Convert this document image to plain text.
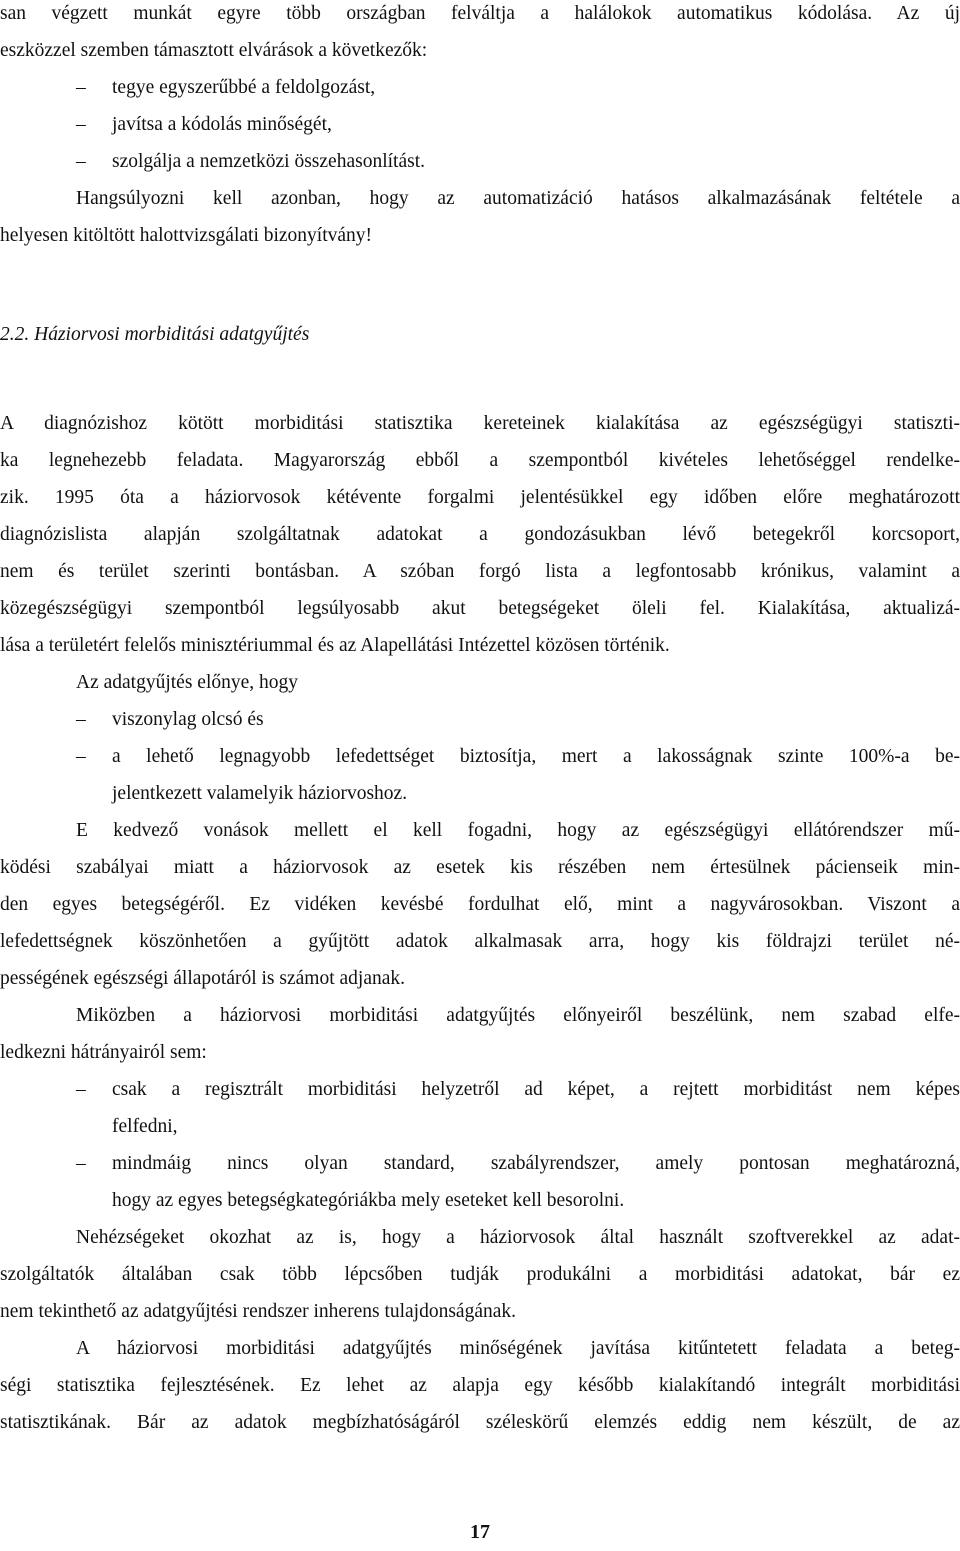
san végzett munkát egyre több országban felváltja a halálokok automatikus kódolása. Az új
eszközzel szemben támasztott elvárások a következők:
–	tegye egyszerűbbé a feldolgozást,
–	javítsa a kódolás minőségét,
–	szolgálja a nemzetközi összehasonlítást.
Hangsúlyozni kell azonban, hogy az automatizáció hatásos alkalmazásának feltétele a
helyesen kitöltött halottvizsgálati bizonyítvány!
2.2. Háziorvosi morbiditási adatgyűjtés
A diagnózishoz kötött morbiditási statisztika kereteinek kialakítása az egészségügyi statiszti-
ka legnehezebb feladata. Magyarország ebből a szempontból kivételes lehetőséggel rendelke-
zik. 1995 óta a háziorvosok kétévente forgalmi jelentésükkel egy időben előre meghatározott
diagnózislista alapján szolgáltatnak adatokat a gondozásukban lévő betegekről korcsoport,
nem és terület szerinti bontásban. A szóban forgó lista a legfontosabb krónikus, valamint a
közegészségügyi szempontból legsúlyosabb akut betegségeket öleli fel. Kialakítása, aktualizá-
lása a területért felelős minisztériummal és az Alapellátási Intézettel közösen történik.
Az adatgyűjtés előnye, hogy
–	viszonylag olcsó és
–	a lehető legnagyobb lefedettséget biztosítja, mert a lakosságnak szinte 100%-a be-
jelentkezett valamelyik háziorvoshoz.
E kedvező vonások mellett el kell fogadni, hogy az egészségügyi ellátórendszer mű-
ködési szabályai miatt a háziorvosok az esetek kis részében nem értesülnek pácienseik min-
den egyes betegségéről. Ez vidéken kevésbé fordulhat elő, mint a nagyvárosokban. Viszont a
lefedettségnek köszönhetően a gyűjtött adatok alkalmasak arra, hogy kis földrajzi terület né-
pességének egészségi állapotáról is számot adjanak.
Miközben a háziorvosi morbiditási adatgyűjtés előnyeiről beszélünk, nem szabad elfe-
ledkezni hátrányairól sem:
–	csak a regisztrált morbiditási helyzetről ad képet, a rejtett morbiditást nem képes
felfedni,
–	mindmáig nincs olyan standard, szabályrendszer, amely pontosan meghatározná,
hogy az egyes betegségkategóriákba mely eseteket kell besorolni.
Nehézségeket okozhat az is, hogy a háziorvosok által használt szoftverekkel az adat-
szolgáltatók általában csak több lépcsőben tudják produkálni a morbiditási adatokat, bár ez
nem tekinthető az adatgyűjtési rendszer inherens tulajdonságának.
A háziorvosi morbiditási adatgyűjtés minőségének javítása kitűntetett feladata a beteg-
ségi statisztika fejlesztésének. Ez lehet az alapja egy később kialakítandó integrált morbiditási
statisztikának. Bár az adatok megbízhatóságáról széleskörű elemzés eddig nem készült, de az
17
